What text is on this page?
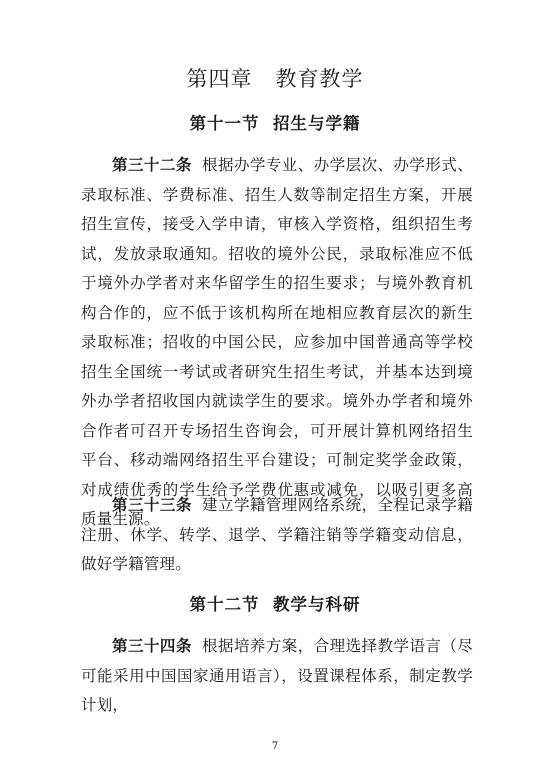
第四章   教育教学
第十一节  招生与学籍

第三十二条 根据办学专业、办学层次、办学形式、录取标准、学费标准、招生人数等制定招生方案，开展招生宣传，接受入学申请，审核入学资格，组织招生考试，发放录取通知。招收的境外公民，录取标准应不低于境外办学者对来华留学生的招生要求；与境外教育机构合作的，应不低于该机构所在地相应教育层次的新生录取标准；招收的中国公民，应参加中国普通高等学校招生全国统一考试或者研究生招生考试，并基本达到境外办学者招收国内就读学生的要求。境外办学者和境外合作者可召开专场招生咨询会，可开展计算机网络招生平台、移动端网络招生平台建设；可制定奖学金政策，对成绩优秀的学生给予学费优惠或减免，以吸引更多高质量生源。

第三十三条 建立学籍管理网络系统，全程记录学籍注册、休学、转学、退学、学籍注销等学籍变动信息，做好学籍管理。

第十二节  教学与科研

第三十四条 根据培养方案，合理选择教学语言（尽可能采用中国国家通用语言），设置课程体系，制定教学计划，

7
